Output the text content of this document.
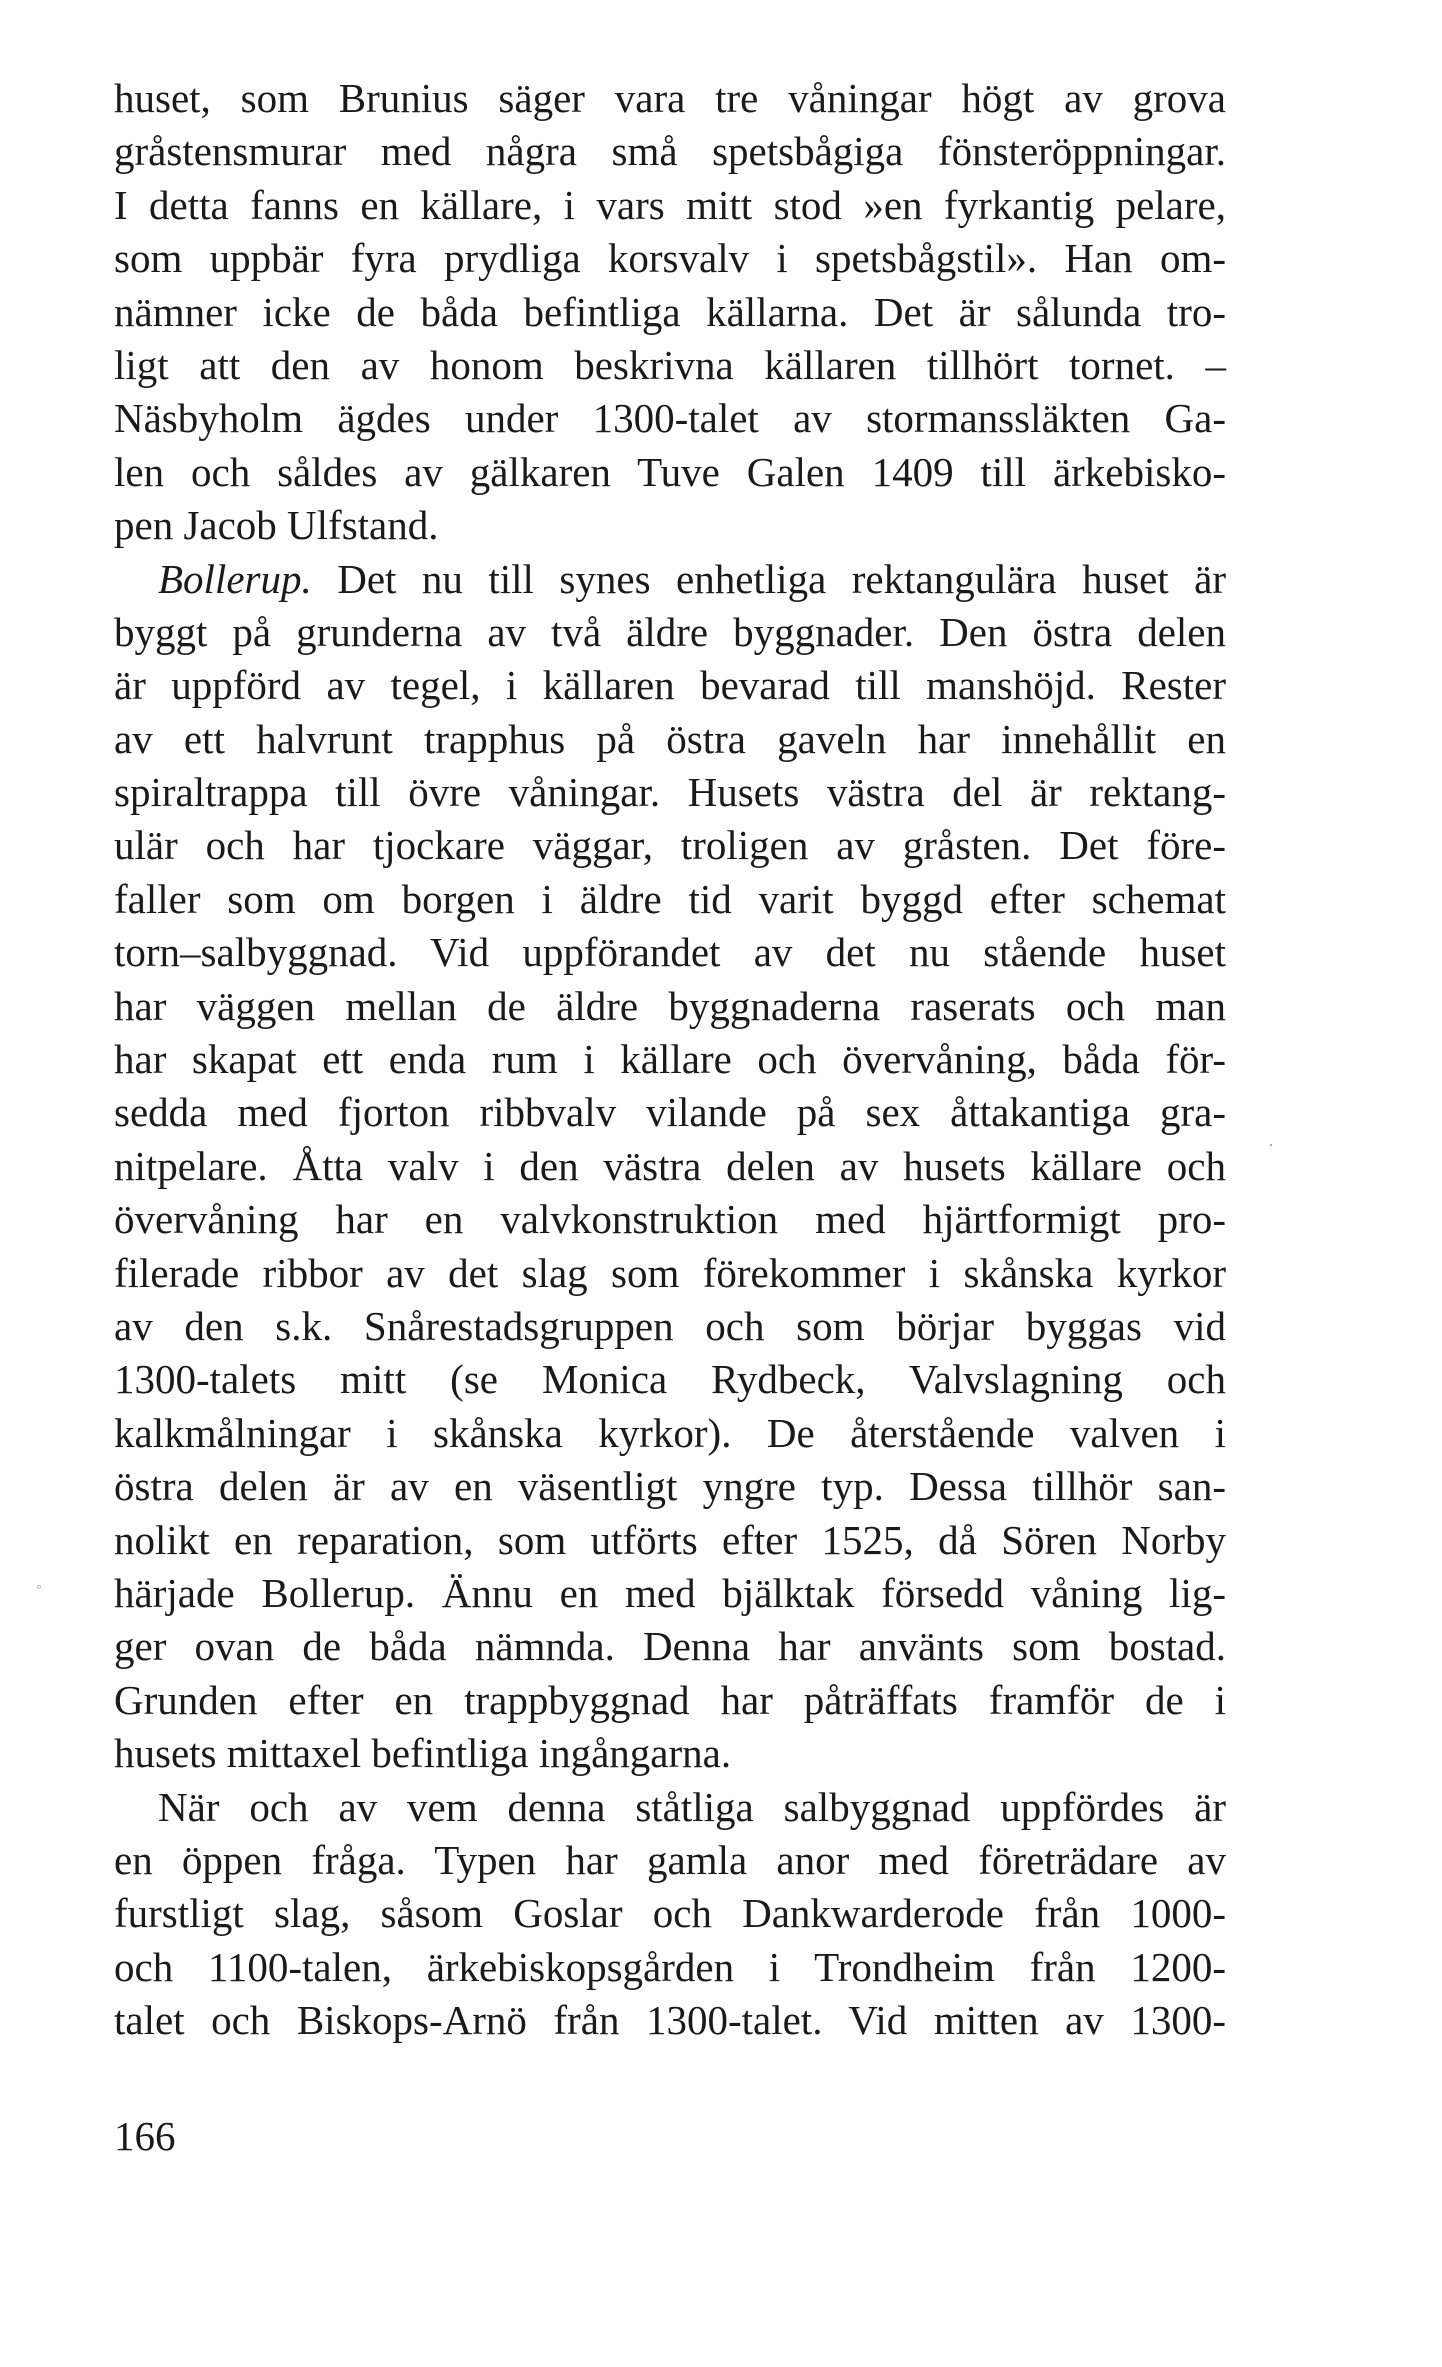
huset, som Brunius säger vara tre våningar högt av grova
gråstensmurar med några små spetsbågiga fönsteröppningar.
I detta fanns en källare, i vars mitt stod »en fyrkantig pelare,
som uppbär fyra prydliga korsvalv i spetsbågstil». Han om-
nämner icke de båda befintliga källarna. Det är sålunda tro-
ligt att den av honom beskrivna källaren tillhört tornet. –
Näsbyholm ägdes under 1300-talet av stormanssläkten Ga-
len och såldes av gälkaren Tuve Galen 1409 till ärkebisko-
pen Jacob Ulfstand.
Bollerup. Det nu till synes enhetliga rektangulära huset är
byggt på grunderna av två äldre byggnader. Den östra delen
är uppförd av tegel, i källaren bevarad till manshöjd. Rester
av ett halvrunt trapphus på östra gaveln har innehållit en
spiraltrappa till övre våningar. Husets västra del är rektang-
ulär och har tjockare väggar, troligen av gråsten. Det före-
faller som om borgen i äldre tid varit byggd efter schemat
torn–salbyggnad. Vid uppförandet av det nu stående huset
har väggen mellan de äldre byggnaderna raserats och man
har skapat ett enda rum i källare och övervåning, båda för-
sedda med fjorton ribbvalv vilande på sex åttakantiga gra-
nitpelare. Åtta valv i den västra delen av husets källare och
övervåning har en valvkonstruktion med hjärtformigt pro-
filerade ribbor av det slag som förekommer i skånska kyrkor
av den s.k. Snårestadsgruppen och som börjar byggas vid
1300-talets mitt (se Monica Rydbeck, Valvslagning och
kalkmålningar i skånska kyrkor). De återstående valven i
östra delen är av en väsentligt yngre typ. Dessa tillhör san-
nolikt en reparation, som utförts efter 1525, då Sören Norby
härjade Bollerup. Ännu en med bjälktak försedd våning lig-
ger ovan de båda nämnda. Denna har använts som bostad.
Grunden efter en trappbyggnad har påträffats framför de i
husets mittaxel befintliga ingångarna.
När och av vem denna ståtliga salbyggnad uppfördes är
en öppen fråga. Typen har gamla anor med företrädare av
furstligt slag, såsom Goslar och Dankwarderode från 1000-
och 1100-talen, ärkebiskopsgården i Trondheim från 1200-
talet och Biskops-Arnö från 1300-talet. Vid mitten av 1300-
166
·
˚
